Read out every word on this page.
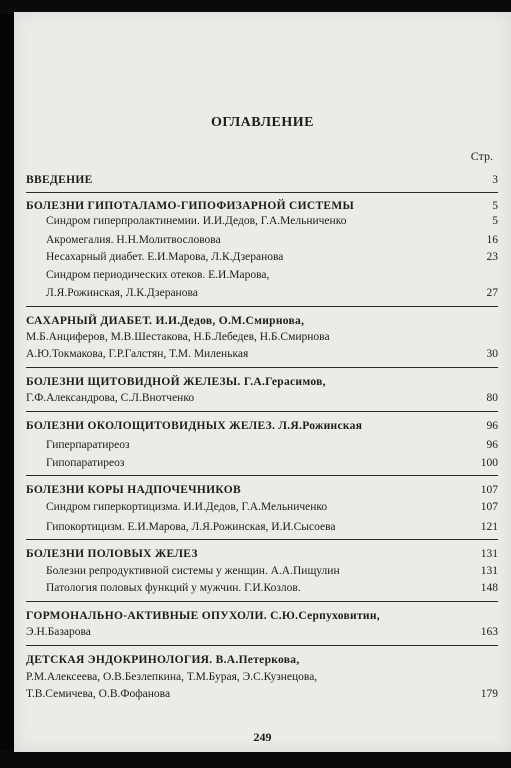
ОГЛАВЛЕНИЕ
Стр.
ВВЕДЕНИЕ	3
БОЛЕЗНИ ГИПОТАЛАМО-ГИПОФИЗАРНОЙ СИСТЕМЫ	5
Синдром гиперпролактинемии. И.И.Дедов, Г.А.Мельниченко	5
Акромегалия. Н.Н.Молитвословова	16
Несахарный диабет. Е.И.Марова, Л.К.Дзеранова	23
Синдром периодических отеков. Е.И.Марова,
Л.Я.Рожинская, Л.К.Дзеранова	27
САХАРНЫЙ ДИАБЕТ. И.И.Дедов, О.М.Смирнова,
М.Б.Анциферов, М.В.Шестакова, Н.Б.Лебедев, Н.Б.Смирнова
А.Ю.Токмакова, Г.Р.Галстян, Т.М. Миленькая	30
БОЛЕЗНИ ЩИТОВИДНОЙ ЖЕЛЕЗЫ. Г.А.Герасимов,
Г.Ф.Александрова, С.Л.Внотченко	80
БОЛЕЗНИ ОКОЛОЩИТОВИДНЫХ ЖЕЛЕЗ. Л.Я.Рожинская	96
Гиперпаратиреоз	96
Гипопаратиреоз	100
БОЛЕЗНИ КОРЫ НАДПОЧЕЧНИКОВ	107
Синдром гиперкортицизма. И.И.Дедов, Г.А.Мельниченко	107
Гипокортицизм. Е.И.Марова, Л.Я.Рожинская, И.И.Сысоева	121
БОЛЕЗНИ ПОЛОВЫХ ЖЕЛЕЗ	131
Болезни репродуктивной системы у женщин. А.А.Пищулин	131
Патология половых функций у мужчин. Г.И.Козлов.	148
ГОРМОНАЛЬНО-АКТИВНЫЕ ОПУХОЛИ. С.Ю.Серпуховитин,
Э.Н.Базарова	163
ДЕТСКАЯ ЭНДОКРИНОЛОГИЯ. В.А.Петеркова,
Р.М.Алексеева, О.В.Безлепкина, Т.М.Бурая, Э.С.Кузнецова,
Т.В.Семичева, О.В.Фофанова	179
249
